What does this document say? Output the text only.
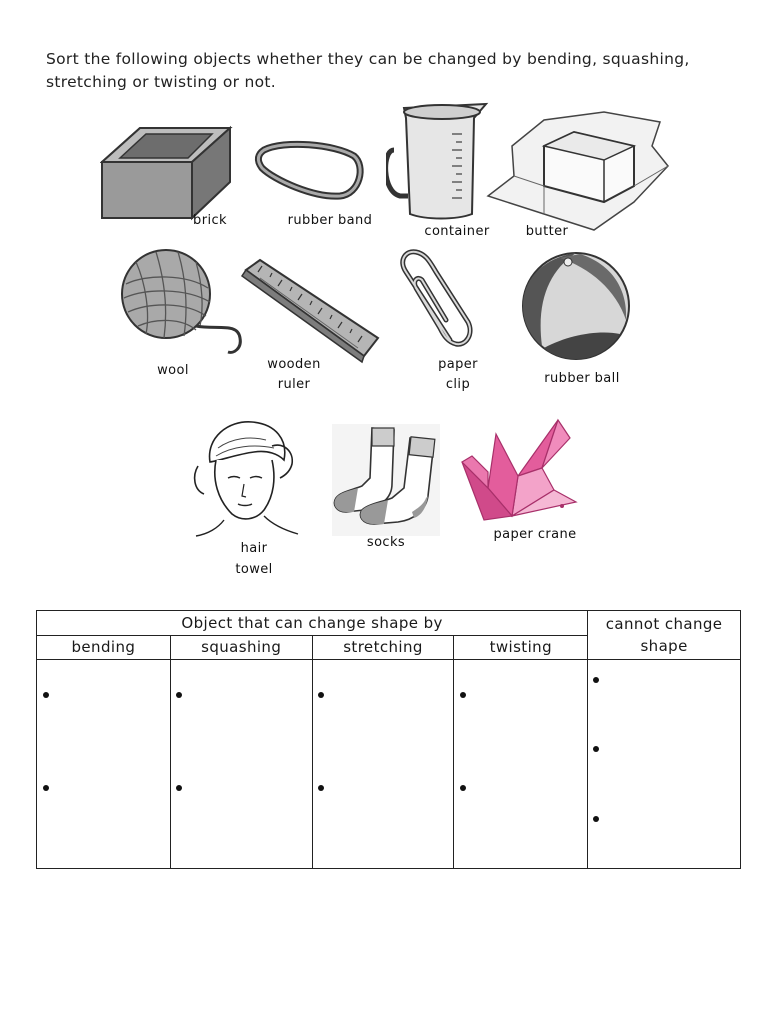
Sort the following objects whether they can be changed by bending, squashing, stretching or twisting or not.
brick	rubber band
container	butter
wool	wooden
ruler
paper
clip	rubber ball
hair
towel
socks
paper crane
Object that can change shape by				cannot change shape
bending	squashing	stretching	twisting	
